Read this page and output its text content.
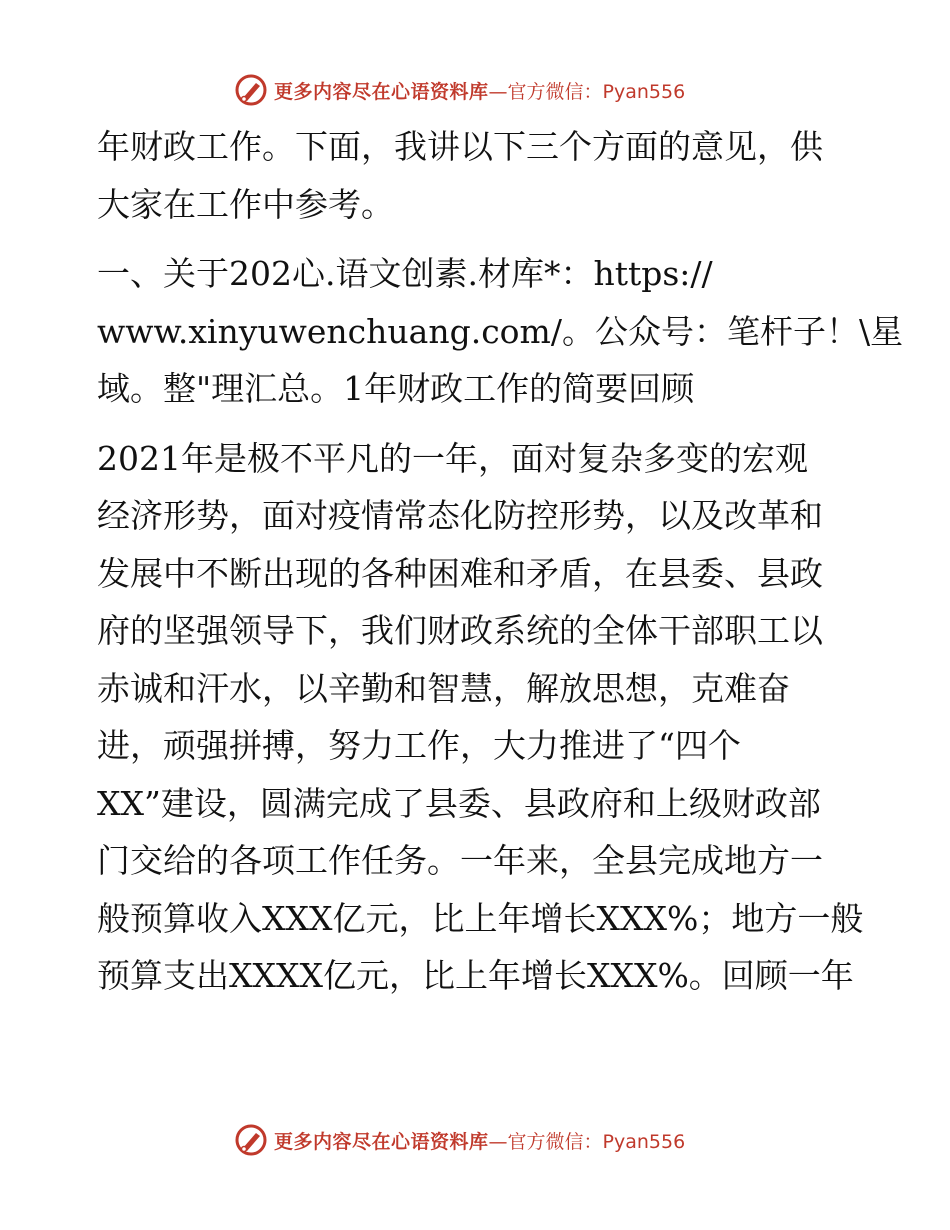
更多内容尽在心语资料库 —官方微信：Pyan556
年财政工作。下面，我讲以下三个方面的意见，供
大家在工作中参考。
一、关于202心.语文创素.材库*：https://
www.xinyuwenchuang.com/。公众号：笔杆子！\星
域。整"理汇总。1年财政工作的简要回顾
2021年是极不平凡的一年，面对复杂多变的宏观
经济形势，面对疫情常态化防控形势，以及改革和
发展中不断出现的各种困难和矛盾，在县委、县政
府的坚强领导下，我们财政系统的全体干部职工以
赤诚和汗水，以辛勤和智慧，解放思想，克难奋
进，顽强拼搏，努力工作，大力推进了“四个
XX”建设，圆满完成了县委、县政府和上级财政部
门交给的各项工作任务。一年来，全县完成地方一
般预算收入XXX亿元，比上年增长XXX%；地方一般
预算支出XXXX亿元，比上年增长XXX%。回顾一年
更多内容尽在心语资料库 —官方微信：Pyan556
